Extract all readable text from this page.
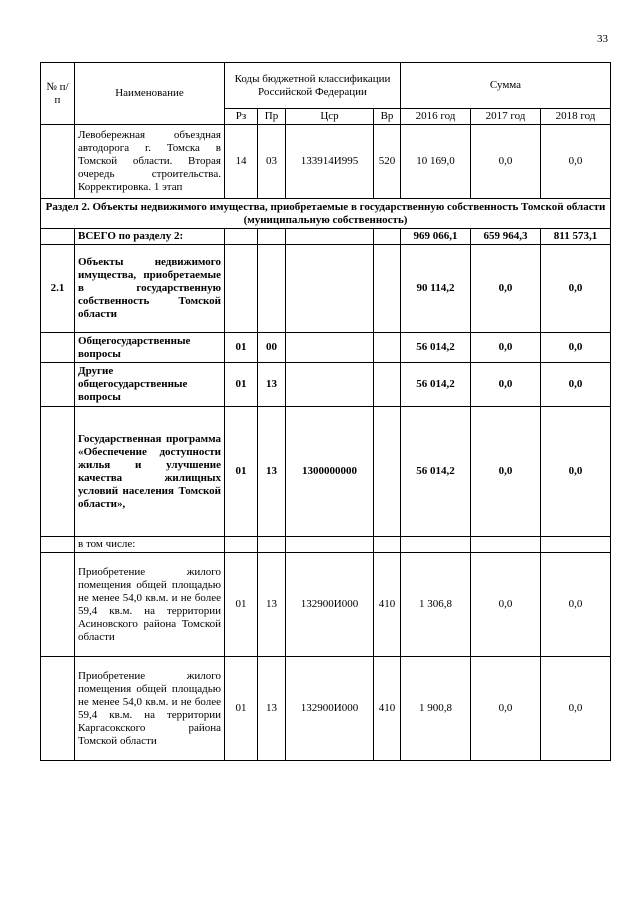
33
№ п/п	Наименование	Коды бюджетной классификации Российской Федерации				Сумма		
		Рз	Пр	Цср	Вр	2016 год	2017 год	2018 год
	Левобережная объездная автодорога г. Томска в Томской области. Вторая очередь строительства. Корректировка. 1 этап	14	03	133914И995	520	10 169,0	0,0	0,0
Раздел 2. Объекты недвижимого имущества, приобретаемые в государственную собственность Томской области (муниципальную собственность)								
	ВСЕГО по разделу 2:					969 066,1	659 964,3	811 573,1
2.1	Объекты недвижимого имущества, приобретаемые в государственную собственность Томской области					90 114,2	0,0	0,0
	Общегосударственные вопросы	01	00			56 014,2	0,0	0,0
	Другие общегосударственные вопросы	01	13			56 014,2	0,0	0,0
	Государственная программа «Обеспечение доступности жилья и улучшение качества жилищных условий населения Томской области»,	01	13	1300000000		56 014,2	0,0	0,0
	в том числе:							
	Приобретение жилого помещения общей площадью не менее 54,0 кв.м. и не более 59,4 кв.м. на территории Асиновского района Томской области	01	13	132900И000	410	1 306,8	0,0	0,0
	Приобретение жилого помещения общей площадью не менее 54,0 кв.м. и не более 59,4 кв.м. на территории Каргасокского района Томской области	01	13	132900И000	410	1 900,8	0,0	0,0
